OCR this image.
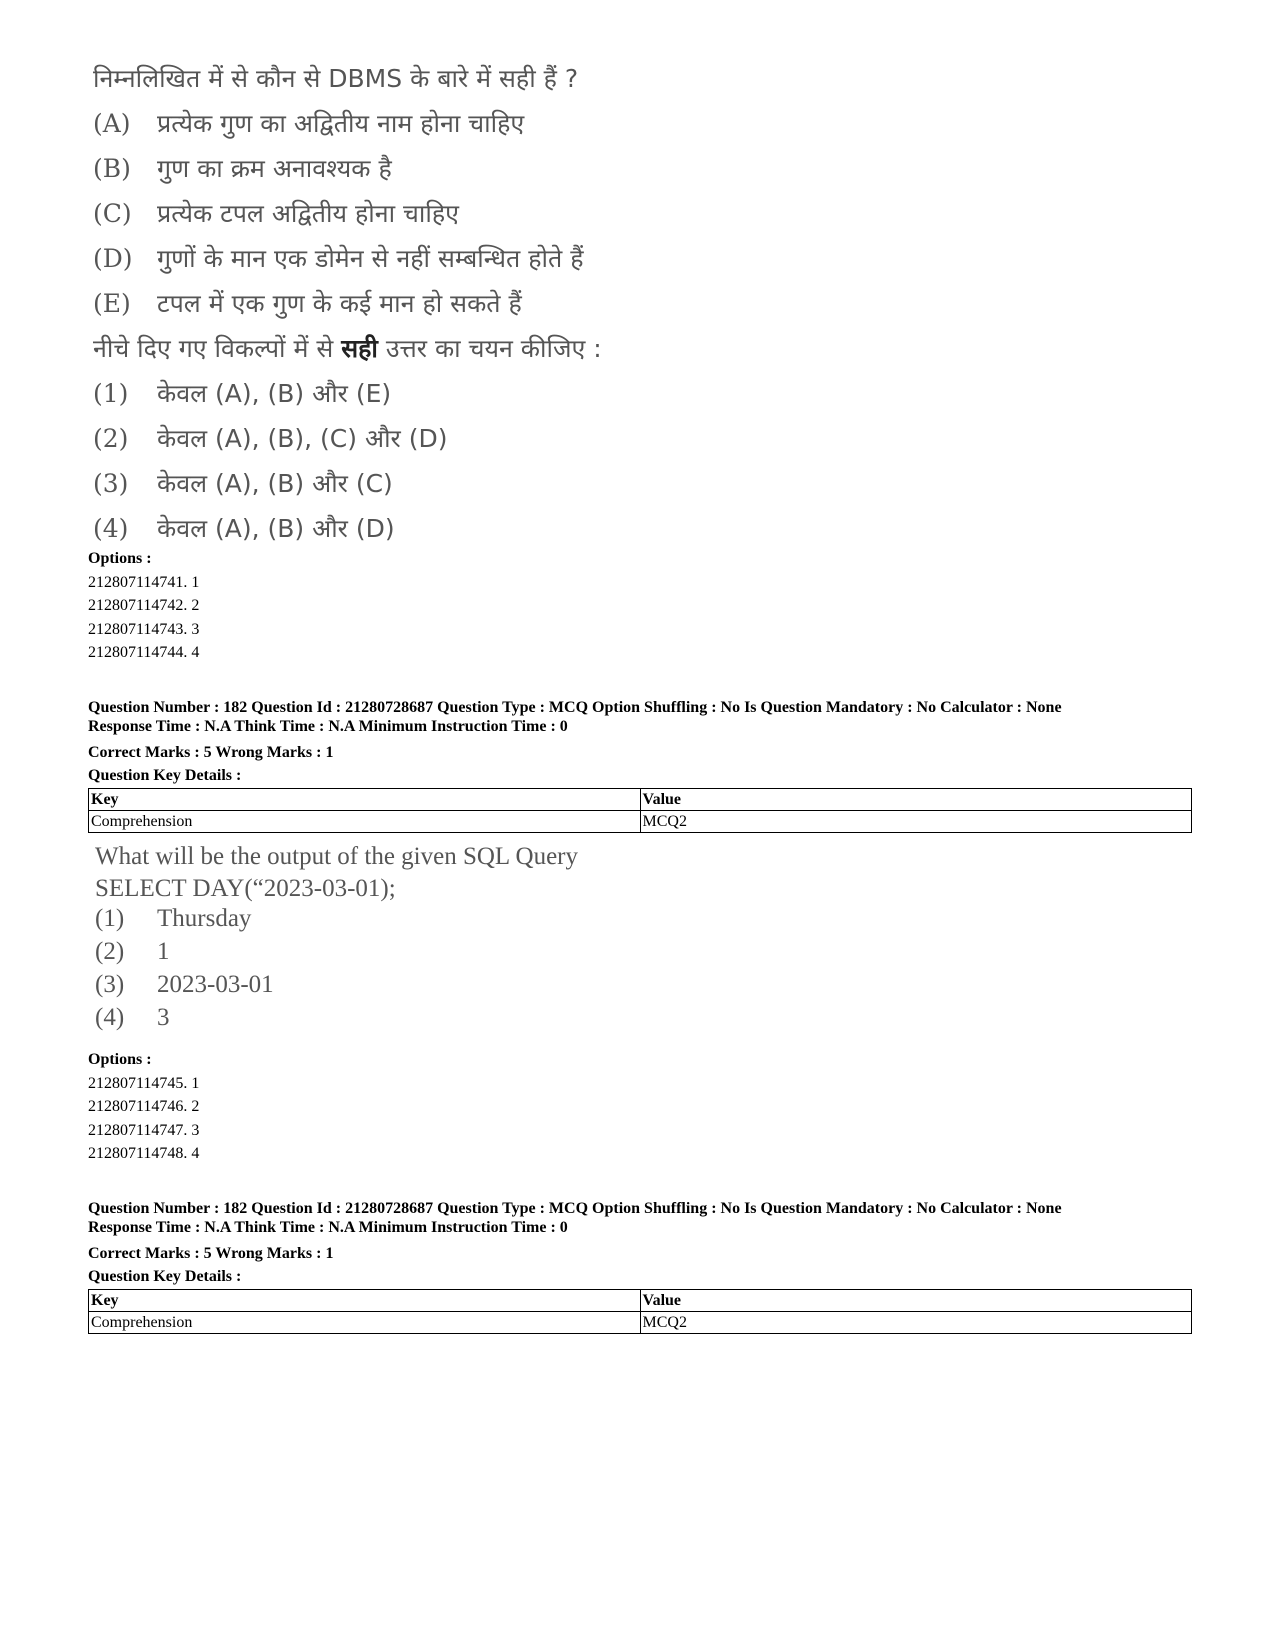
निम्नलिखित में से कौन से DBMS के बारे में सही हैं ?
(A)	प्रत्येक गुण का अद्वितीय नाम होना चाहिए
(B)	गुण का क्रम अनावश्यक है
(C)	प्रत्येक टपल अद्वितीय होना चाहिए
(D) गुणों के मान एक डोमेन से नहीं सम्बन्धित होते हैं
(E)	टपल में एक गुण के कई मान हो सकते हैं
नीचे दिए गए विकल्पों में से सही उत्तर का चयन कीजिए :
(1)	केवल (A), (B) और (E)
(2)	केवल (A), (B), (C) और (D)
(3)	केवल (A), (B) और (C)
(4)	केवल (A), (B) और (D)
Options :
212807114741. 1
212807114742. 2
212807114743. 3
212807114744. 4
Question Number : 182 Question Id : 21280728687 Question Type : MCQ Option Shuffling : No Is Question Mandatory : No Calculator : None
Response Time : N.A Think Time : N.A Minimum Instruction Time : 0
Correct Marks : 5 Wrong Marks : 1
Question Key Details :
Key	Value
Comprehension	MCQ2
What will be the output of the given SQL Query
SELECT DAY(“2023-03-01);
(1)	Thursday
(2)	1
(3)	2023-03-01
(4)	3
Options :
212807114745. 1
212807114746. 2
212807114747. 3
212807114748. 4
Question Number : 182 Question Id : 21280728687 Question Type : MCQ Option Shuffling : No Is Question Mandatory : No Calculator : None
Response Time : N.A Think Time : N.A Minimum Instruction Time : 0
Correct Marks : 5 Wrong Marks : 1
Question Key Details :
Key	Value
Comprehension	MCQ2
